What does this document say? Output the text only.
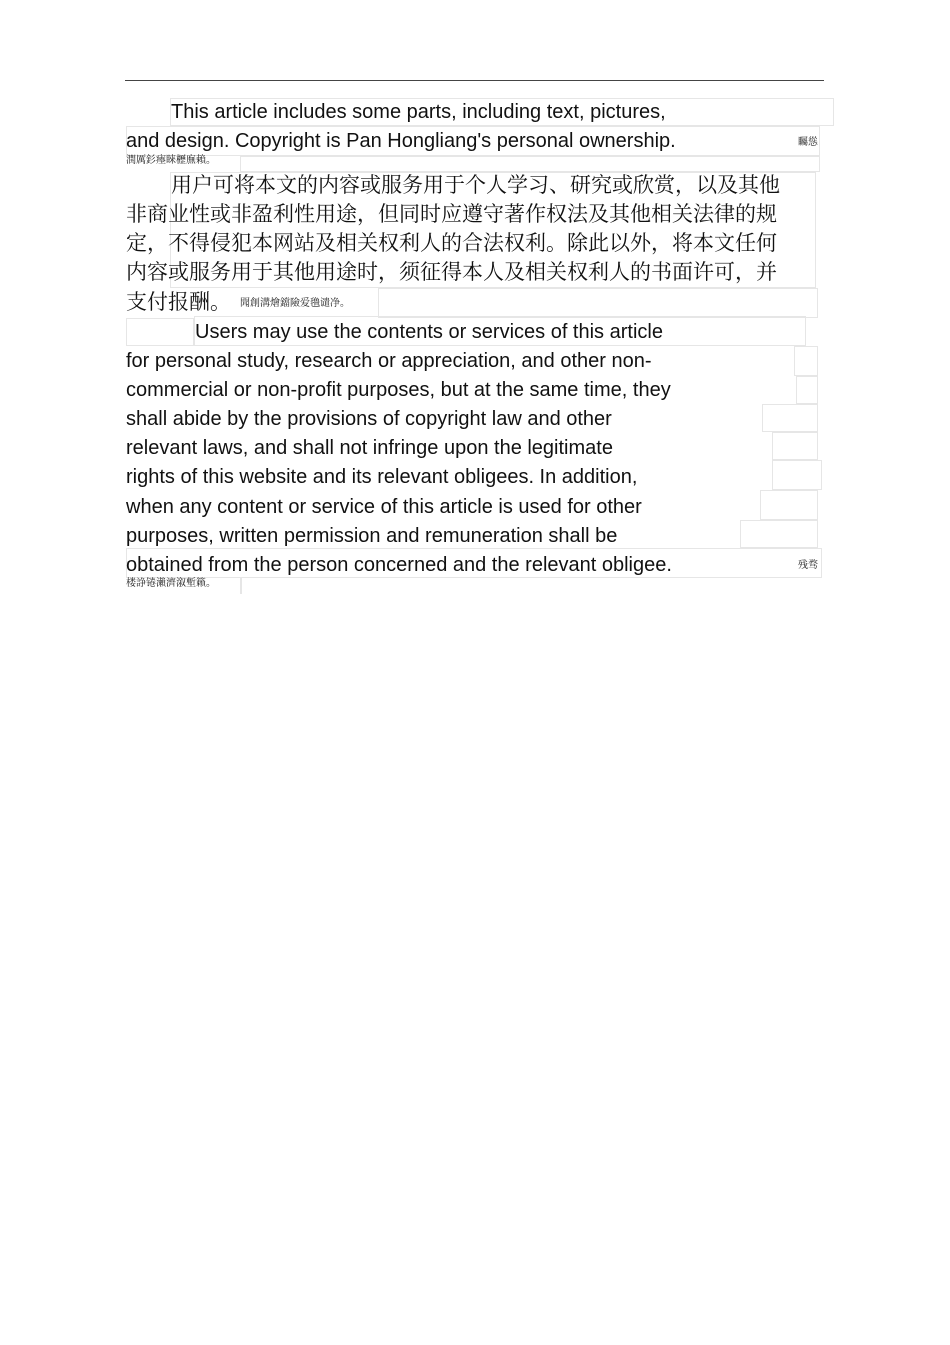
This article includes some parts, including text, pictures,
and design. Copyright is Pan Hongliang's personal ownership.	矚慫
潤厲釤瘞睞櫪廡賴。
用户可将本文的内容或服务用于个人学习、研究或欣赏，以及其他
非商业性或非盈利性用途，但同时应遵守著作权法及其他相关法律的规
定，不得侵犯本网站及相关权利人的合法权利。除此以外，将本文任何
内容或服务用于其他用途时，须征得本人及相关权利人的书面许可，并
支付报酬。 聞創溝燴鐺險爱氇谴净。
Users may use the contents or services of this article
for personal study, research or appreciation, and other non-
commercial or non-profit purposes, but at the same time, they
shall abide by the provisions of copyright law and other
relevant laws, and shall not infringe upon the legitimate
rights of this website and its relevant obligees. In addition,
when any content or service of this article is used for other
purposes, written permission and remuneration shall be
obtained from the person concerned and the relevant obligee.	残骛
楼諍锩瀨濟溆塹籟。
